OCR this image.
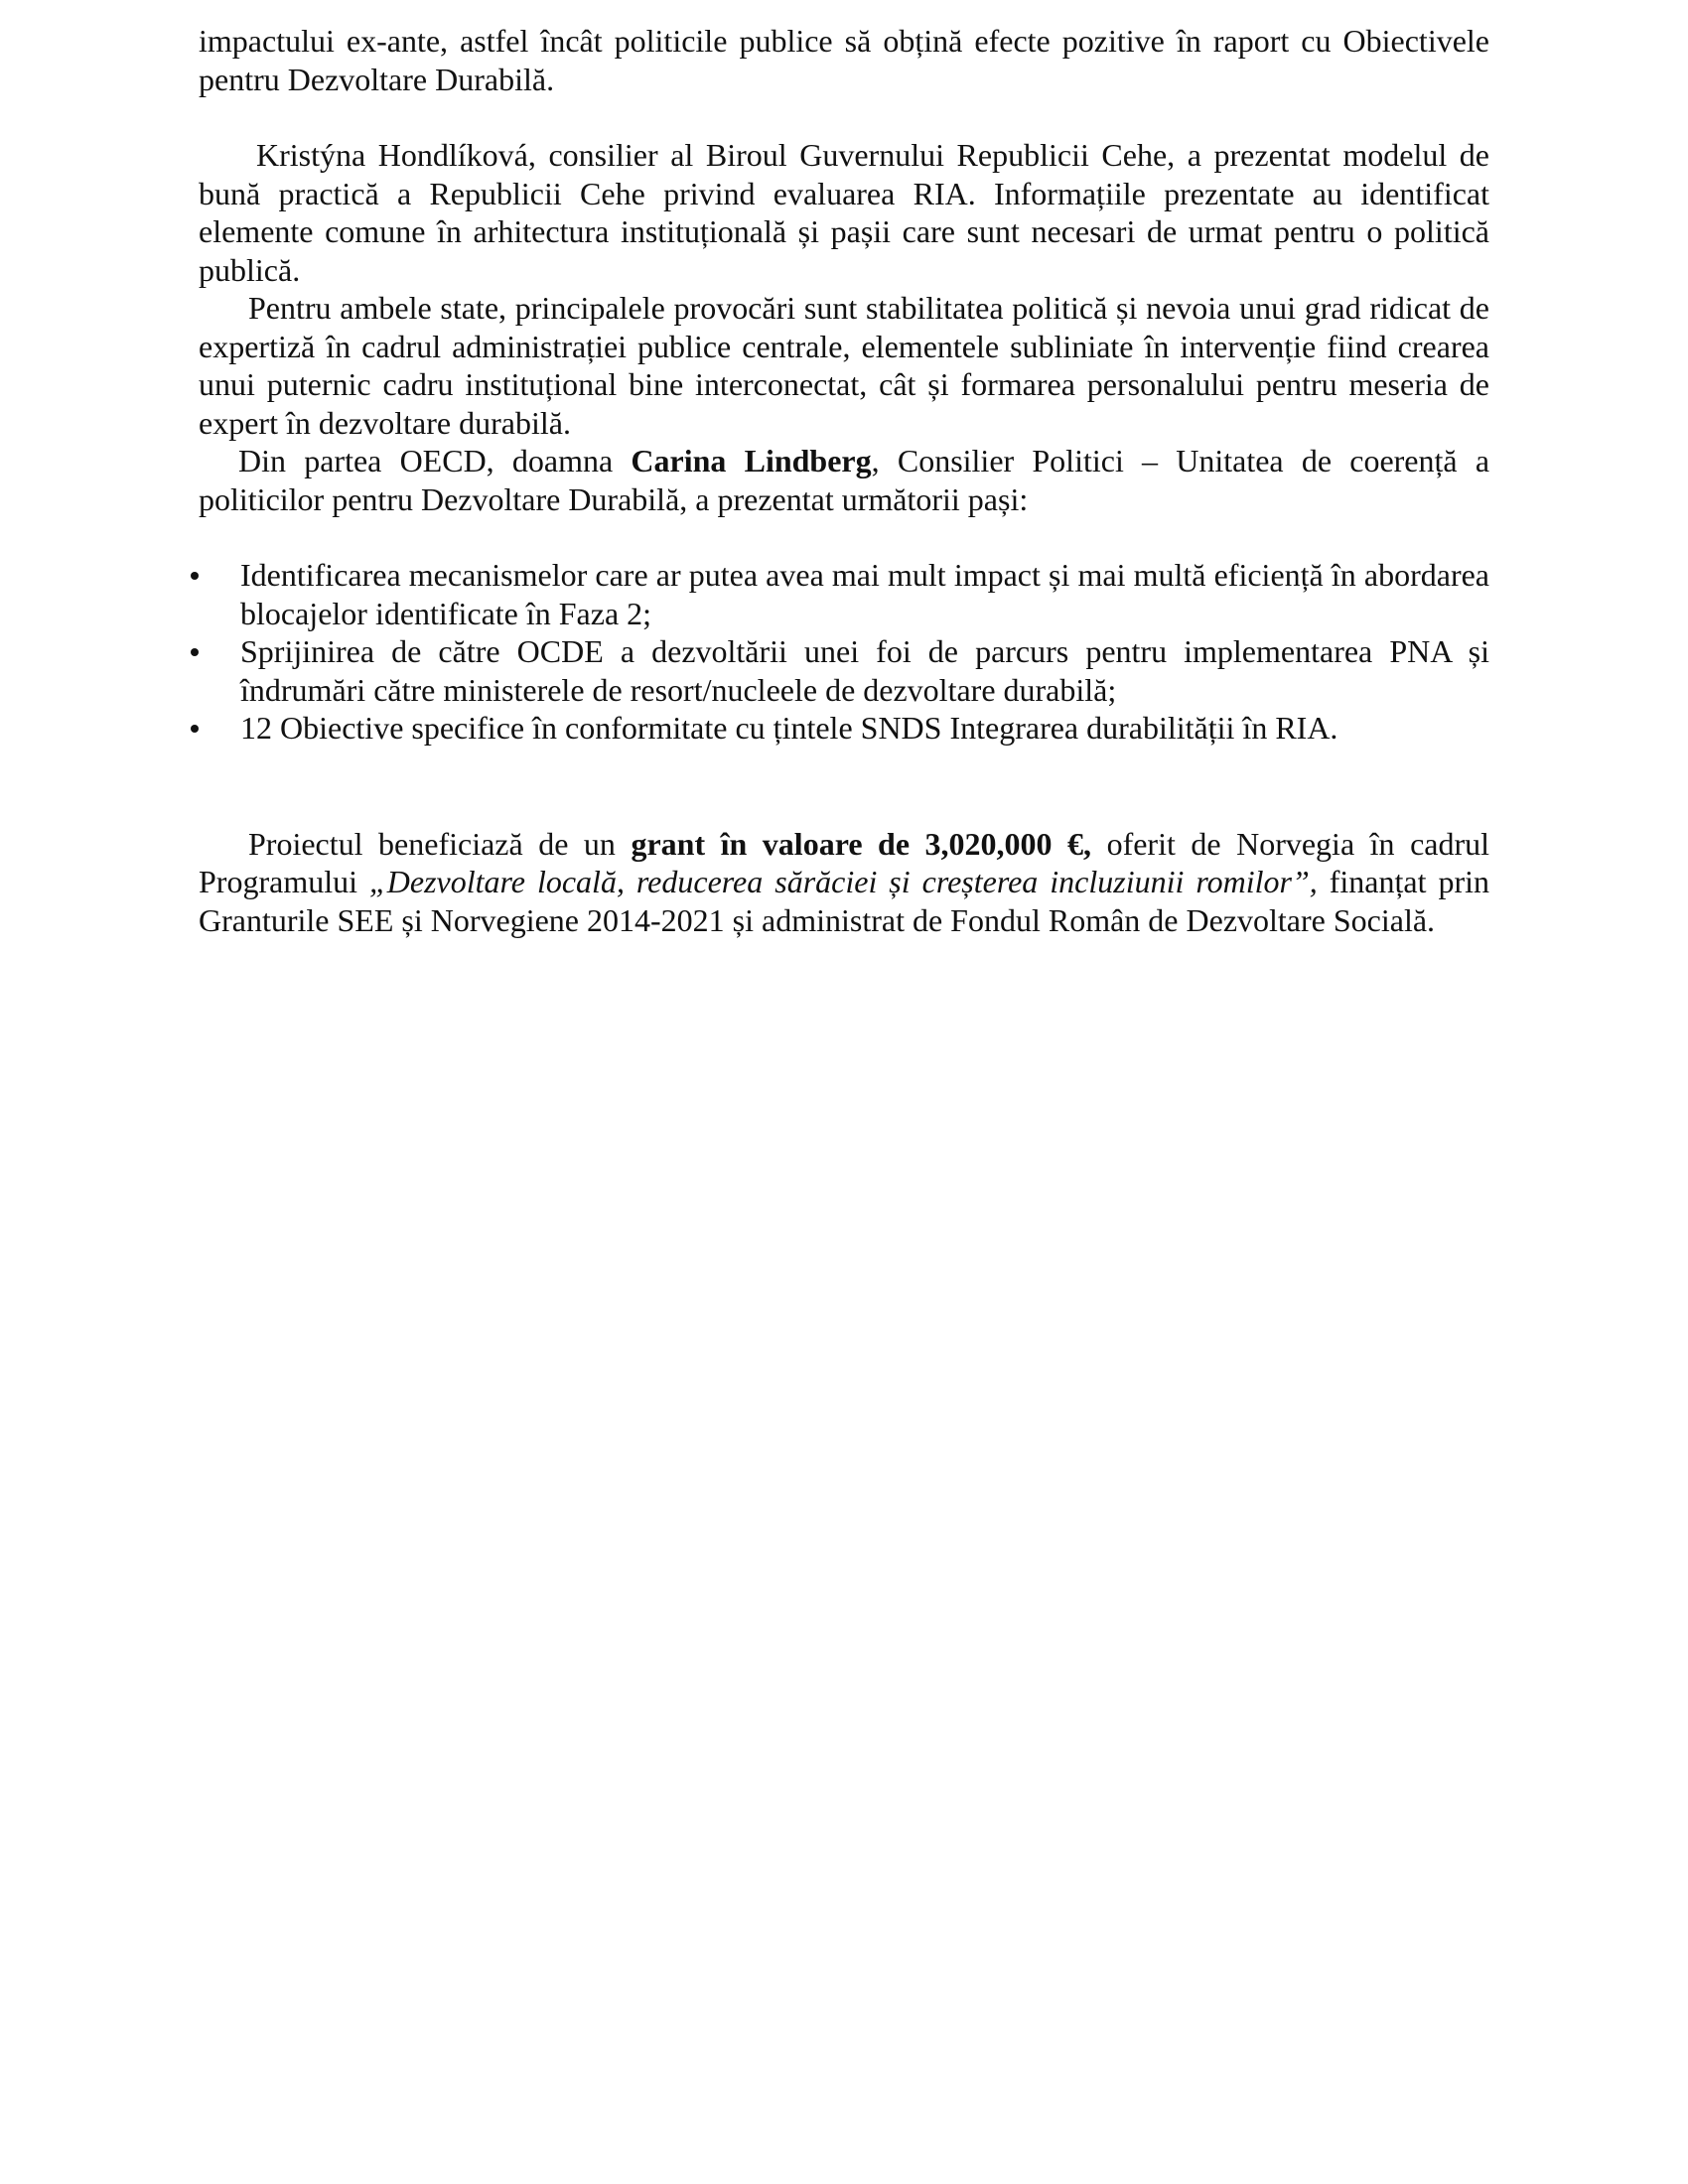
impactului ex-ante, astfel încât politicile publice să obțină efecte pozitive în raport cu Obiectivele pentru Dezvoltare Durabilă.

Kristýna Hondlíková, consilier al Biroul Guvernului Republicii Cehe, a prezentat modelul de bună practică a Republicii Cehe privind evaluarea RIA. Informațiile prezentate au identificat elemente comune în arhitectura instituțională și pașii care sunt necesari de urmat pentru o politică publică.

Pentru ambele state, principalele provocări sunt stabilitatea politică și nevoia unui grad ridicat de expertiză în cadrul administrației publice centrale, elementele subliniate în intervenție fiind crearea unui puternic cadru instituțional bine interconectat, cât și formarea personalului pentru meseria de expert în dezvoltare durabilă.

Din partea OECD, doamna Carina Lindberg, Consilier Politici – Unitatea de coerență a politicilor pentru Dezvoltare Durabilă, a prezentat următorii pași:

Identificarea mecanismelor care ar putea avea mai mult impact și mai multă eficiență în abordarea blocajelor identificate în Faza 2;
Sprijinirea de către OCDE a dezvoltării unei foi de parcurs pentru implementarea PNA și îndrumări către ministerele de resort/nucleele de dezvoltare durabilă;
12 Obiective specifice în conformitate cu țintele SNDS Integrarea durabilității în RIA.

Proiectul beneficiază de un grant în valoare de 3,020,000 €, oferit de Norvegia în cadrul Programului „Dezvoltare locală, reducerea sărăciei și creșterea incluziunii romilor”, finanțat prin Granturile SEE și Norvegiene 2014-2021 și administrat de Fondul Român de Dezvoltare Socială.
